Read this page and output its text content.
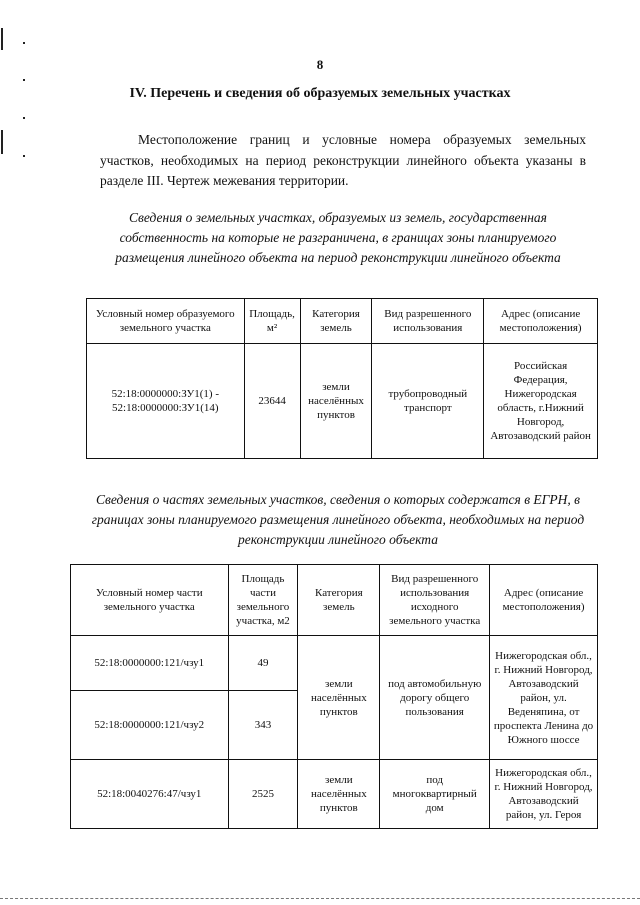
8
IV. Перечень и сведения об образуемых земельных участках
Местоположение границ и условные номера образуемых земельных участков, необходимых на период реконструкции линейного объекта указаны в разделе III. Чертеж межевания территории.
Сведения о земельных участках, образуемых из земель, государственная собственность на которые не разграничена, в границах зоны планируемого размещения линейного объекта на период реконструкции линейного объекта
Условный номер образуемого земельного участка	Площадь, м²	Категория земель	Вид разрешенного использования	Адрес (описание местоположения)
52:18:0000000:ЗУ1(1) - 52:18:0000000:ЗУ1(14)	23644	земли населённых пунктов	трубопроводный транспорт	Российская Федерация, Нижегородская область, г.Нижний Новгород, Автозаводский район
Сведения о частях земельных участков, сведения о которых содержатся в ЕГРН, в границах зоны планируемого размещения линейного объекта, необходимых на период реконструкции линейного объекта
Условный номер части земельного участка	Площадь части земельного участка, м2	Категория земель	Вид разрешенного использования исходного земельного участка	Адрес (описание местоположения)
52:18:0000000:121/чзу1	49	земли населённых пунктов	под автомобильную дорогу общего пользования	Нижегородская обл., г. Нижний Новгород, Автозаводский район, ул. Веденяпина, от проспекта Ленина до Южного шоссе
52:18:0000000:121/чзу2	343			
52:18:0040276:47/чзу1	2525	земли населённых пунктов	под многоквартирный дом	Нижегородская обл., г. Нижний Новгород, Автозаводский район, ул. Героя
